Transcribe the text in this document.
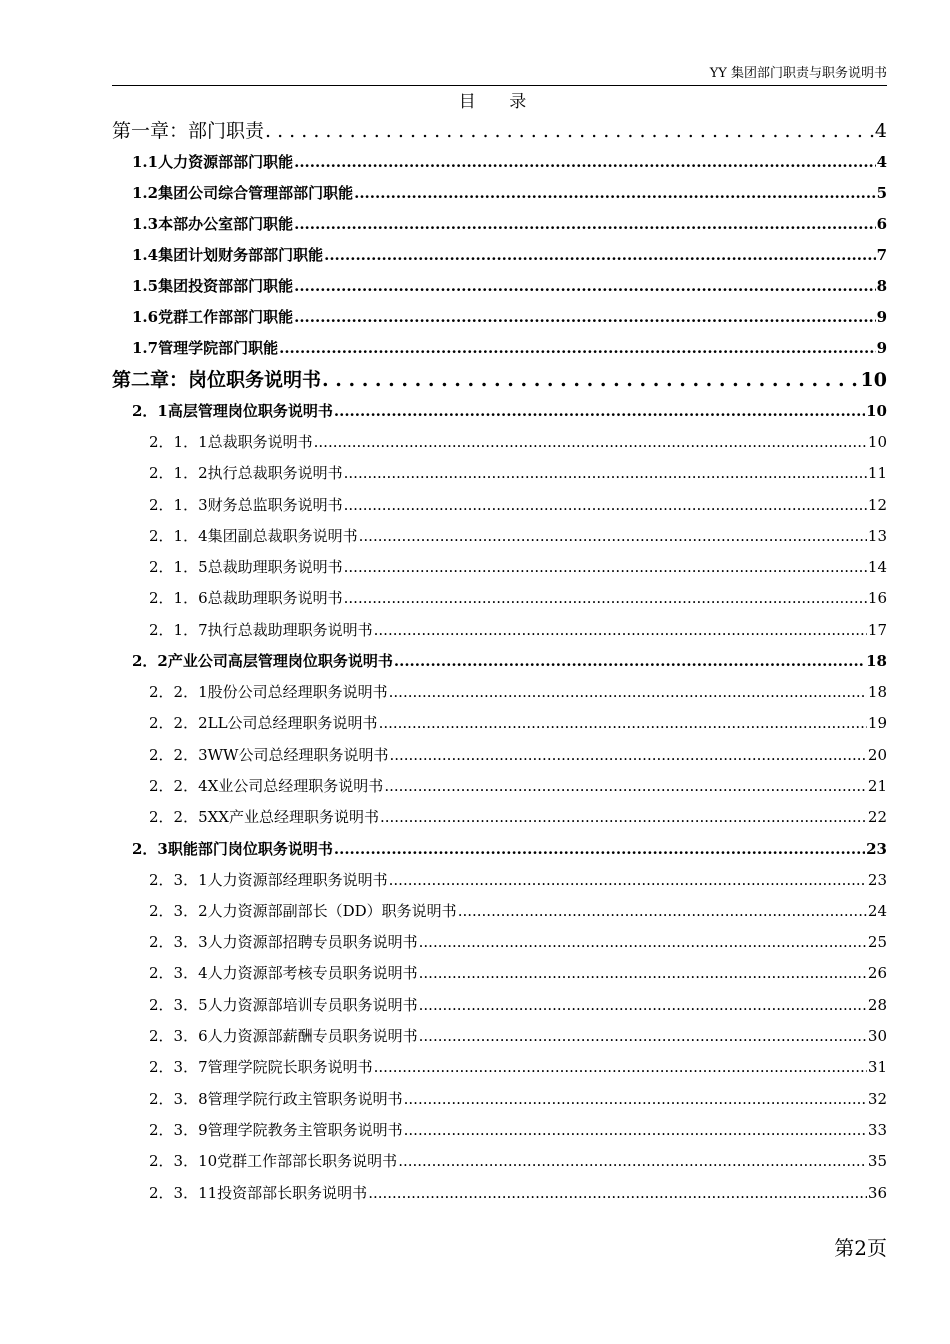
YY 集团部门职责与职务说明书
目 录
第一章：部门职责 . . .	4
1.1人力资源部部门职能 .....	4
1.2集团公司综合管理部部门职能 .....	5
1.3本部办公室部门职能 .....	6
1.4集团计划财务部部门职能 .....	7
1.5集团投资部部门职能 .....	8
1.6党群工作部部门职能 .....	9
1.7管理学院部门职能 .....	9
第二章：岗位职务说明书 . . .	10
2．1高层管理岗位职务说明书 .....	10
2．1．1总裁职务说明书 .....	10
2．1．2执行总裁职务说明书 .....	11
2．1．3财务总监职务说明书 .....	12
2．1．4集团副总裁职务说明书 .....	13
2．1．5总裁助理职务说明书 .....	14
2．1．6总裁助理职务说明书 .....	16
2．1．7执行总裁助理职务说明书 .....	17
2．2产业公司高层管理岗位职务说明书 .....	18
2．2．1股份公司总经理职务说明书 .....	18
2．2．2LL公司总经理职务说明书 .....	19
2．2．3WW公司总经理职务说明书 .....	20
2．2．4X业公司总经理职务说明书 .....	21
2．2．5XX产业总经理职务说明书 .....	22
2．3职能部门岗位职务说明书 .....	23
2．3．1人力资源部经理职务说明书 .....	23
2．3．2人力资源部副部长（DD）职务说明书 .....	24
2．3．3人力资源部招聘专员职务说明书 .....	25
2．3．4人力资源部考核专员职务说明书 .....	26
2．3．5人力资源部培训专员职务说明书 .....	28
2．3．6人力资源部薪酬专员职务说明书 .....	30
2．3．7管理学院院长职务说明书 .....	31
2．3．8管理学院行政主管职务说明书 .....	32
2．3．9管理学院教务主管职务说明书 .....	33
2．3．10党群工作部部长职务说明书 .....	35
2．3．11投资部部长职务说明书 .....	36
第2页
